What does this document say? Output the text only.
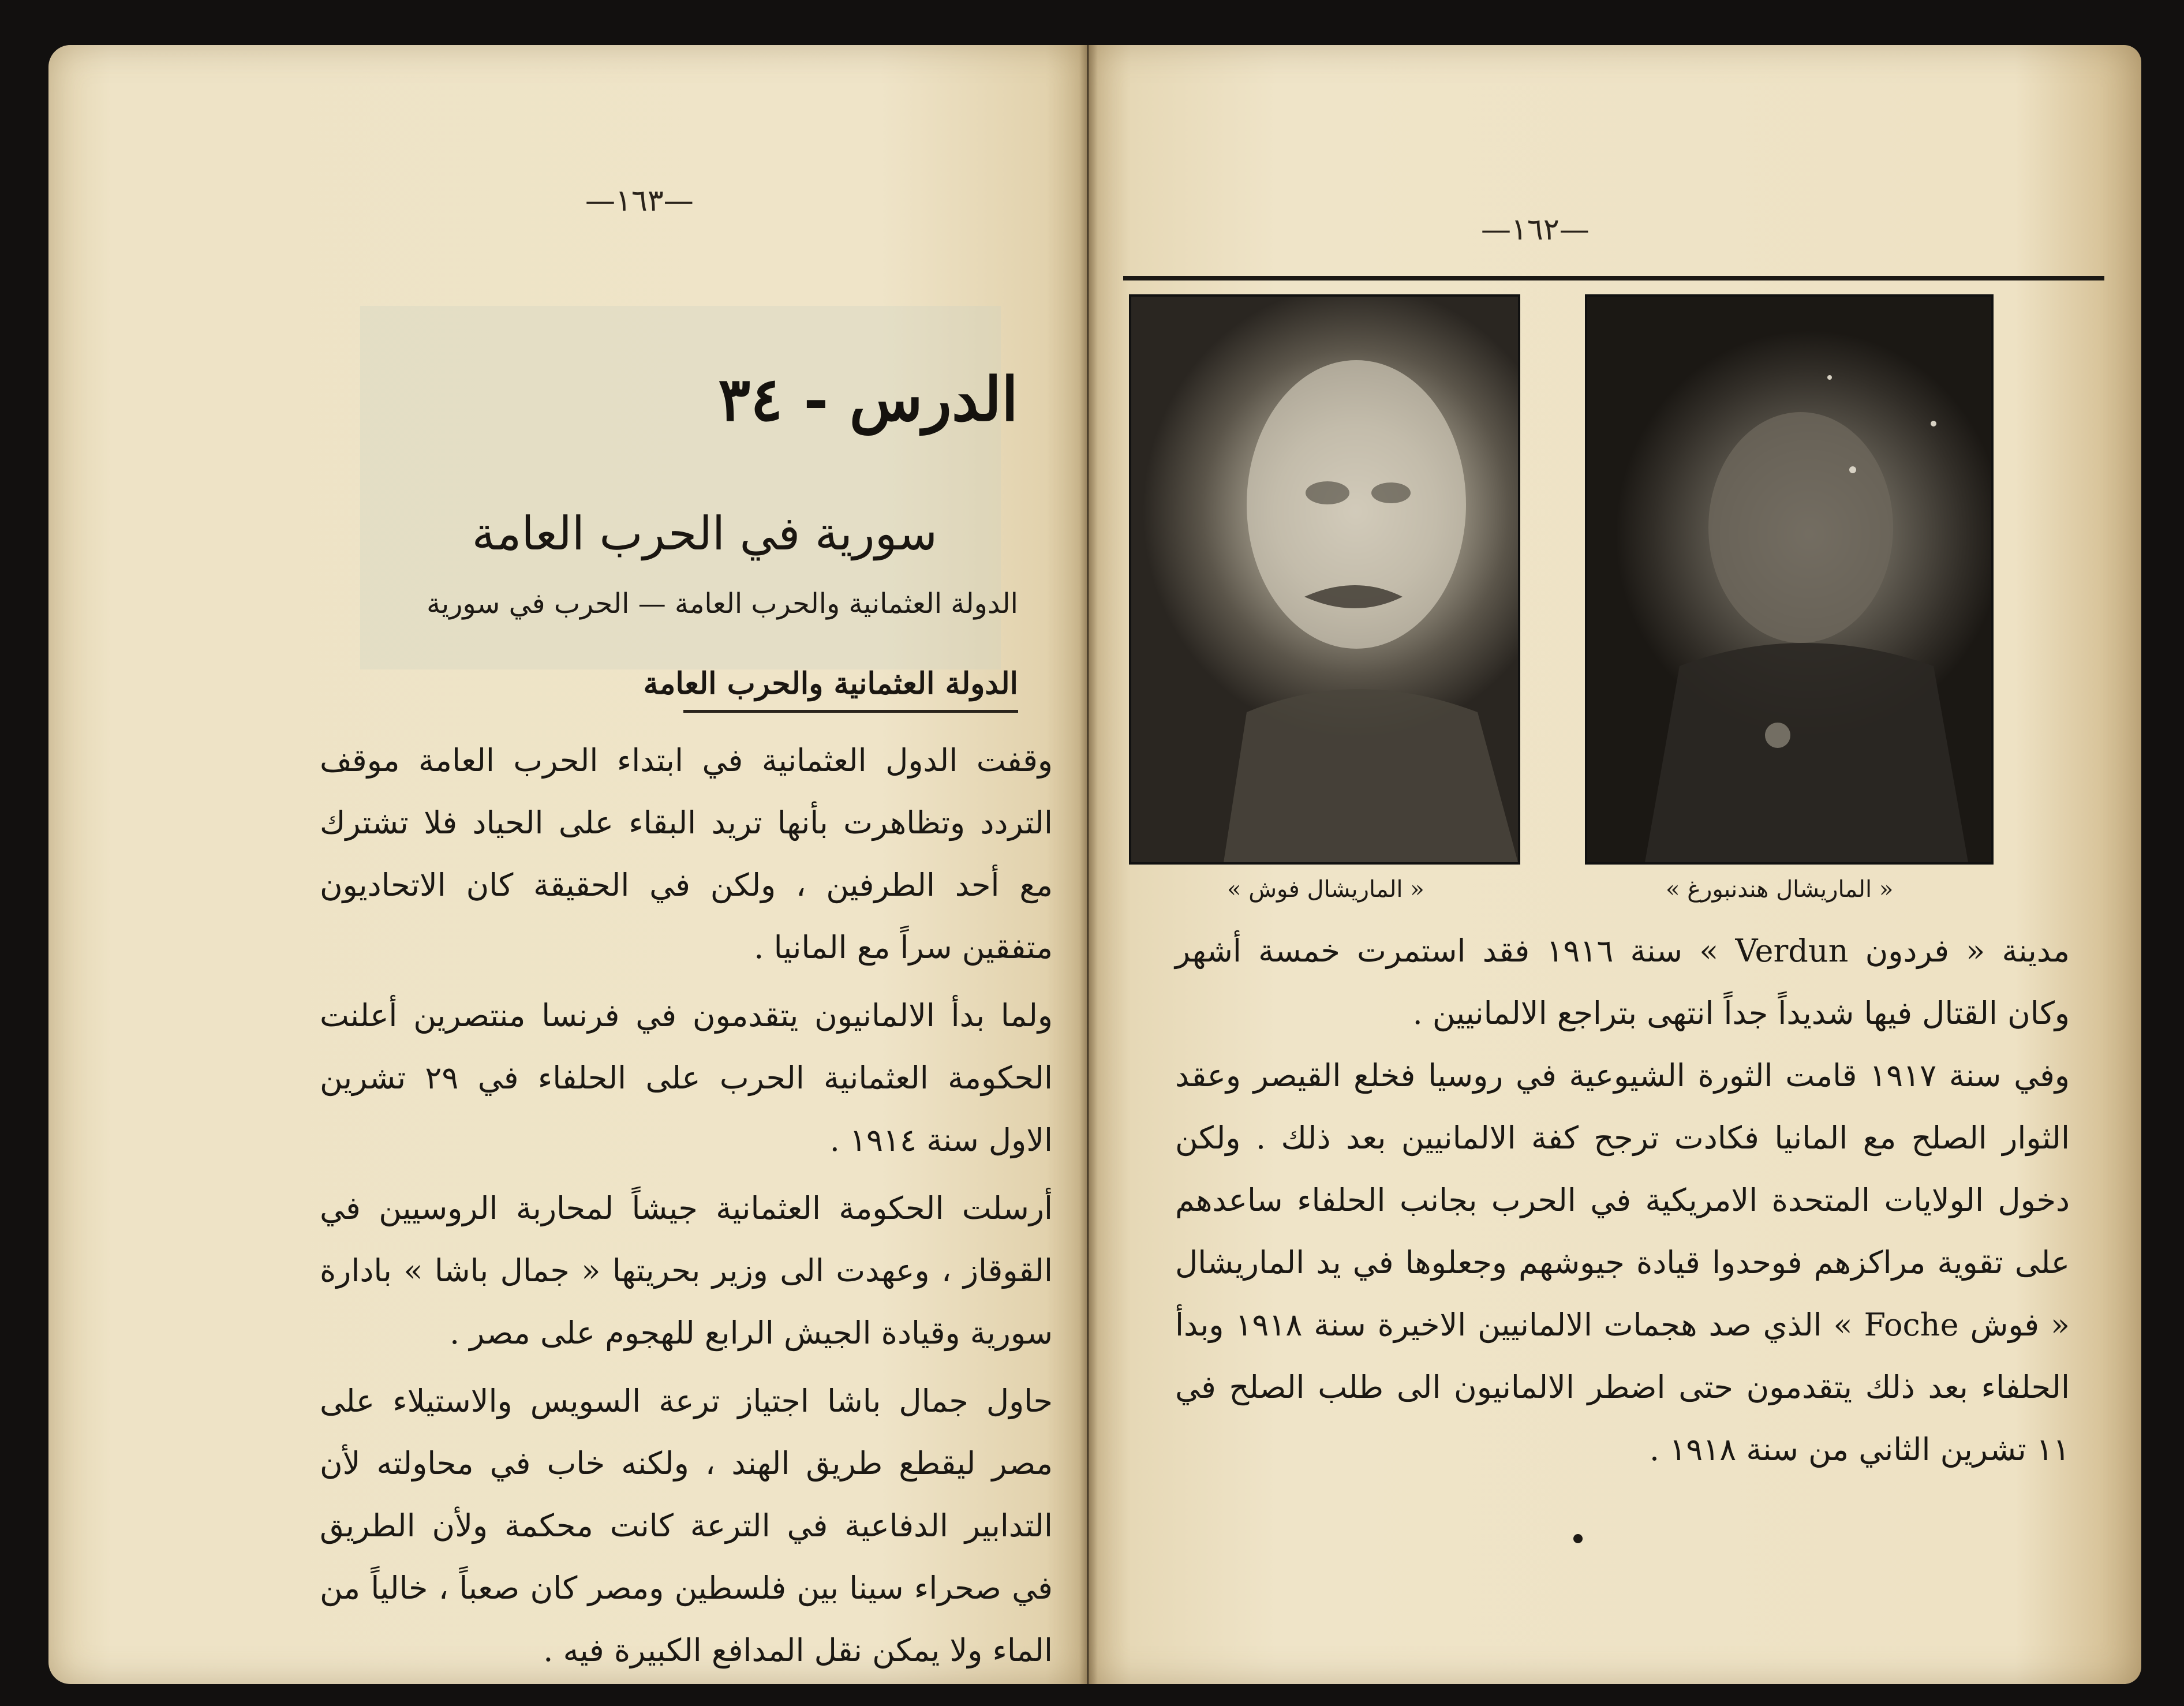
—١٦٣—
الدرس - ٣٤
سورية في الحرب العامة
الدولة العثمانية والحرب العامة — الحرب في سورية
الدولة العثمانية والحرب العامة

وقفت الدول العثمانية في ابتداء الحرب العامة موقف التردد وتظاهرت بأنها تريد البقاء على الحياد فلا تشترك مع أحد الطرفين ، ولكن في الحقيقة كان الاتحاديون متفقين سراً مع المانيا .

ولما بدأ الالمانيون يتقدمون في فرنسا منتصرين أعلنت الحكومة العثمانية الحرب على الحلفاء في ٢٩ تشرين الاول سنة ١٩١٤ .

أرسلت الحكومة العثمانية جيشاً لمحاربة الروسيين في القوقاز ، وعهدت الى وزير بحريتها « جمال باشا » بادارة سورية وقيادة الجيش الرابع للهجوم على مصر .

حاول جمال باشا اجتياز ترعة السويس والاستيلاء على مصر ليقطع طريق الهند ، ولكنه خاب في محاولته لأن التدابير الدفاعية في الترعة كانت محكمة ولأن الطريق في صحراء سينا بين فلسطين ومصر كان صعباً ، خالياً من الماء ولا يمكن نقل المدافع الكبيرة فيه .

—١٦٢—
« الماريشال فوش »	« الماريشال هندنبورغ »

مدينة « فردون Verdun » سنة ١٩١٦ فقد استمرت خمسة أشهر وكان القتال فيها شديداً جداً انتهى بتراجع الالمانيين .

وفي سنة ١٩١٧ قامت الثورة الشيوعية في روسيا فخلع القيصر وعقد الثوار الصلح مع المانيا فكادت ترجح كفة الالمانيين بعد ذلك . ولكن دخول الولايات المتحدة الامريكية في الحرب بجانب الحلفاء ساعدهم على تقوية مراكزهم فوحدوا قيادة جيوشهم وجعلوها في يد الماريشال « فوش Foche » الذي صد هجمات الالمانيين الاخيرة سنة ١٩١٨ وبدأ الحلفاء بعد ذلك يتقدمون حتى اضطر الالمانيون الى طلب الصلح في ١١ تشرين الثاني من سنة ١٩١٨ .
